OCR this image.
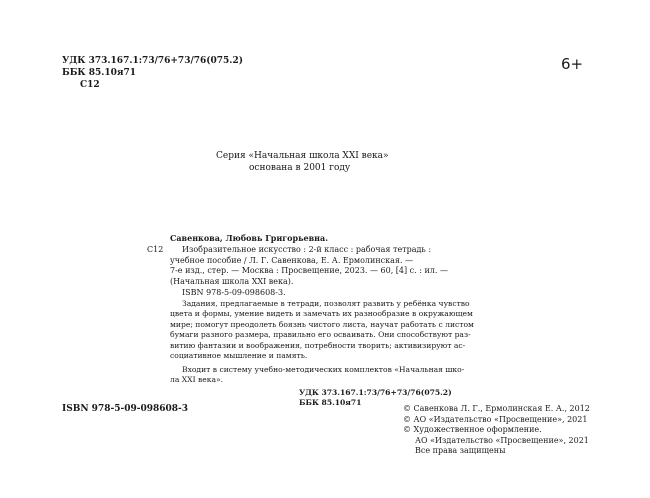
УДК 373.167.1:73/76+73/76(075.2)
ББК 85.10я71
С12
6+
Серия «Начальная школа XXI века»
основана в 2001 году
С12
Савенкова, Любовь Григорьевна.
Изобразительное искусство : 2-й класс : рабочая тетрадь :
учебное пособие / Л. Г. Савенкова, Е. А. Ермолинская. —
7-е изд., стер. — Москва : Просвещение, 2023. — 60, [4] с. : ил. —
(Начальная школа XXI века).
ISBN 978-5-09-098608-3.
Задания, предлагаемые в тетради, позволят развить у ребёнка чувство
цвета и формы, умение видеть и замечать их разнообразие в окружающем
мире; помогут преодолеть боязнь чистого листа, научат работать с листом
бумаги разного размера, правильно его осваивать. Они способствуют раз-
витию фантазии и воображения, потребности творить; активизируют ас-
социативное мышление и память.
Входит в систему учебно-методических комплектов «Начальная шко-
ла XXI века».
УДК 373.167.1:73/76+73/76(075.2)
ББК 85.10я71
ISBN 978-5-09-098608-3	© Савенкова Л. Г., Ермолинская Е. А., 2012
© АО «Издательство «Просвещение», 2021
© Художественное оформление.
АО «Издательство «Просвещение», 2021
Все права защищены
